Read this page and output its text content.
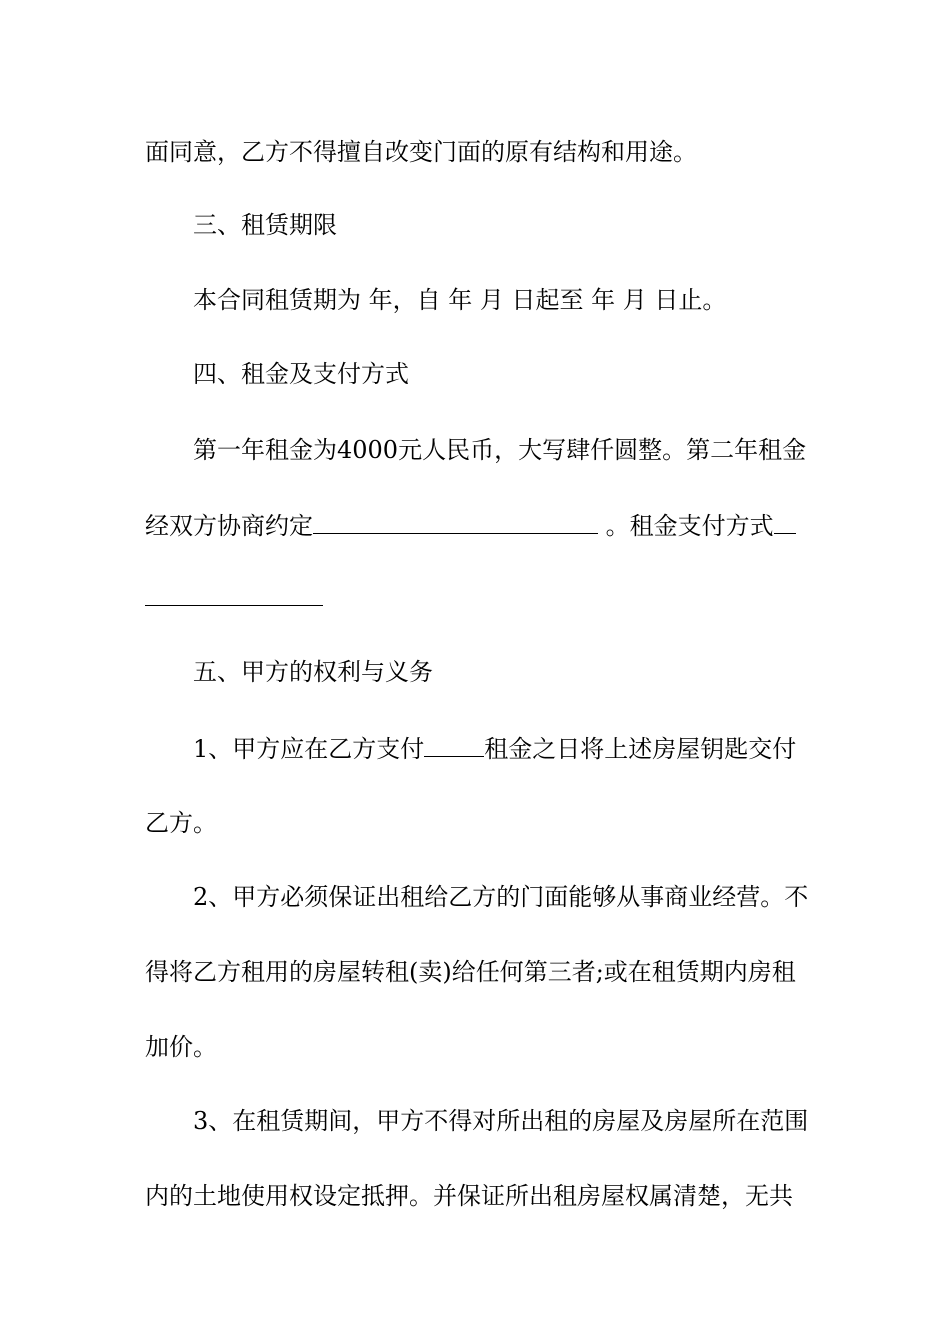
面同意，乙方不得擅自改变门面的原有结构和用途。
三、租赁期限
本合同租赁期为 年，自 年 月 日起至 年 月 日止。
四、租金及支付方式
第一年租金为4000元人民币，大写肆仟圆整。第二年租金
经双方协商约定	。租金支付方式
五、甲方的权利与义务
1、甲方应在乙方支付	租金之日将上述房屋钥匙交付
乙方。
2、甲方必须保证出租给乙方的门面能够从事商业经营。不
得将乙方租用的房屋转租(卖)给任何第三者;或在租赁期内房租
加价。
3、在租赁期间，甲方不得对所出租的房屋及房屋所在范围
内的土地使用权设定抵押。并保证所出租房屋权属清楚，无共
